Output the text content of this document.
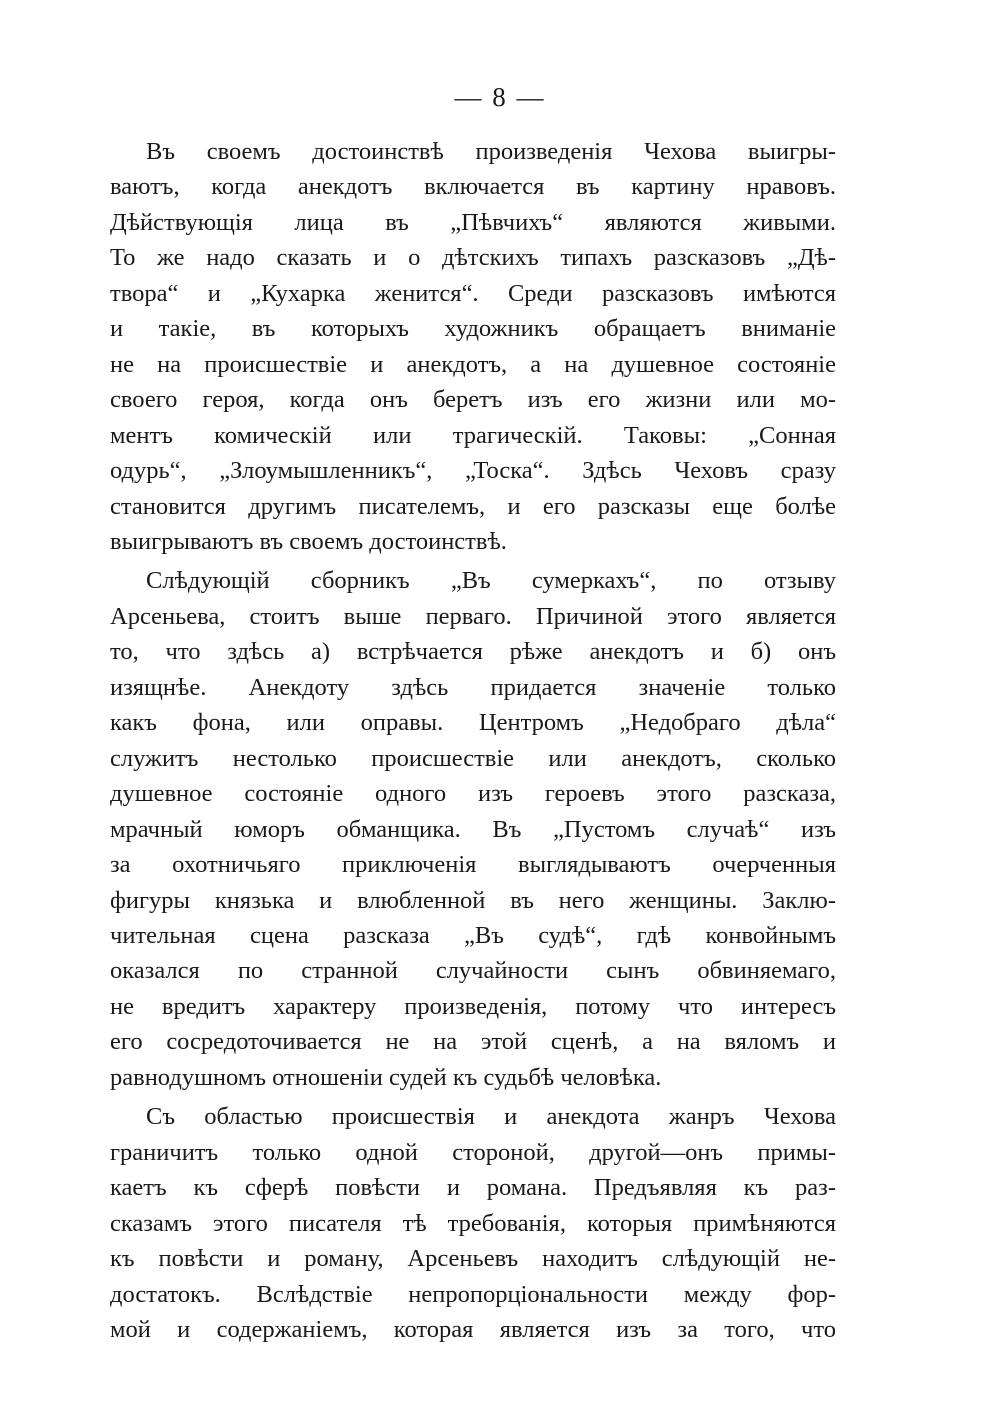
— 8 —
Въ своемъ достоинствѣ произведенія Чехова выигры-
ваютъ, когда анекдотъ включается въ картину нравовъ.
Дѣйствующія лица въ „Пѣвчихъ“ являются живыми.
То же надо сказать и о дѣтскихъ типахъ разсказовъ „Дѣ-
твора“ и „Кухарка женится“. Среди разсказовъ имѣются
и такіе, въ которыхъ художникъ обращаетъ вниманіе
не на происшествіе и анекдотъ, а на душевное состояніе
своего героя, когда онъ беретъ изъ его жизни или мо-
ментъ комическій или трагическій. Таковы: „Сонная
одурь“, „Злоумышленникъ“, „Тоска“. Здѣсь Чеховъ сразу
становится другимъ писателемъ, и его разсказы еще болѣе
выигрываютъ въ своемъ достоинствѣ.
Слѣдующій сборникъ „Въ сумеркахъ“, по отзыву
Арсеньева, стоитъ выше перваго. Причиной этого является
то, что здѣсь а) встрѣчается рѣже анекдотъ и б) онъ
изящнѣе. Анекдоту здѣсь придается значеніе только
какъ фона, или оправы. Центромъ „Недобраго дѣла“
служитъ нестолько происшествіе или анекдотъ, сколько
душевное состояніе одного изъ героевъ этого разсказа,
мрачный юморъ обманщика. Въ „Пустомъ случаѣ“ изъ
за охотничьяго приключенія выглядываютъ очерченныя
фигуры князька и влюбленной въ него женщины. Заклю-
чительная сцена разсказа „Въ судѣ“, гдѣ конвойнымъ
оказался по странной случайности сынъ обвиняемаго,
не вредитъ характеру произведенія, потому что интересъ
его сосредоточивается не на этой сценѣ, а на вяломъ и
равнодушномъ отношеніи судей къ судьбѣ человѣка.
Съ областью происшествія и анекдота жанръ Чехова
граничитъ только одной стороной, другой—онъ примы-
каетъ къ сферѣ повѣсти и романа. Предъявляя къ раз-
сказамъ этого писателя тѣ требованія, которыя примѣняются
къ повѣсти и роману, Арсеньевъ находитъ слѣдующій не-
достатокъ. Вслѣдствіе непропорціональности между фор-
мой и содержаніемъ, которая является изъ за того, что
